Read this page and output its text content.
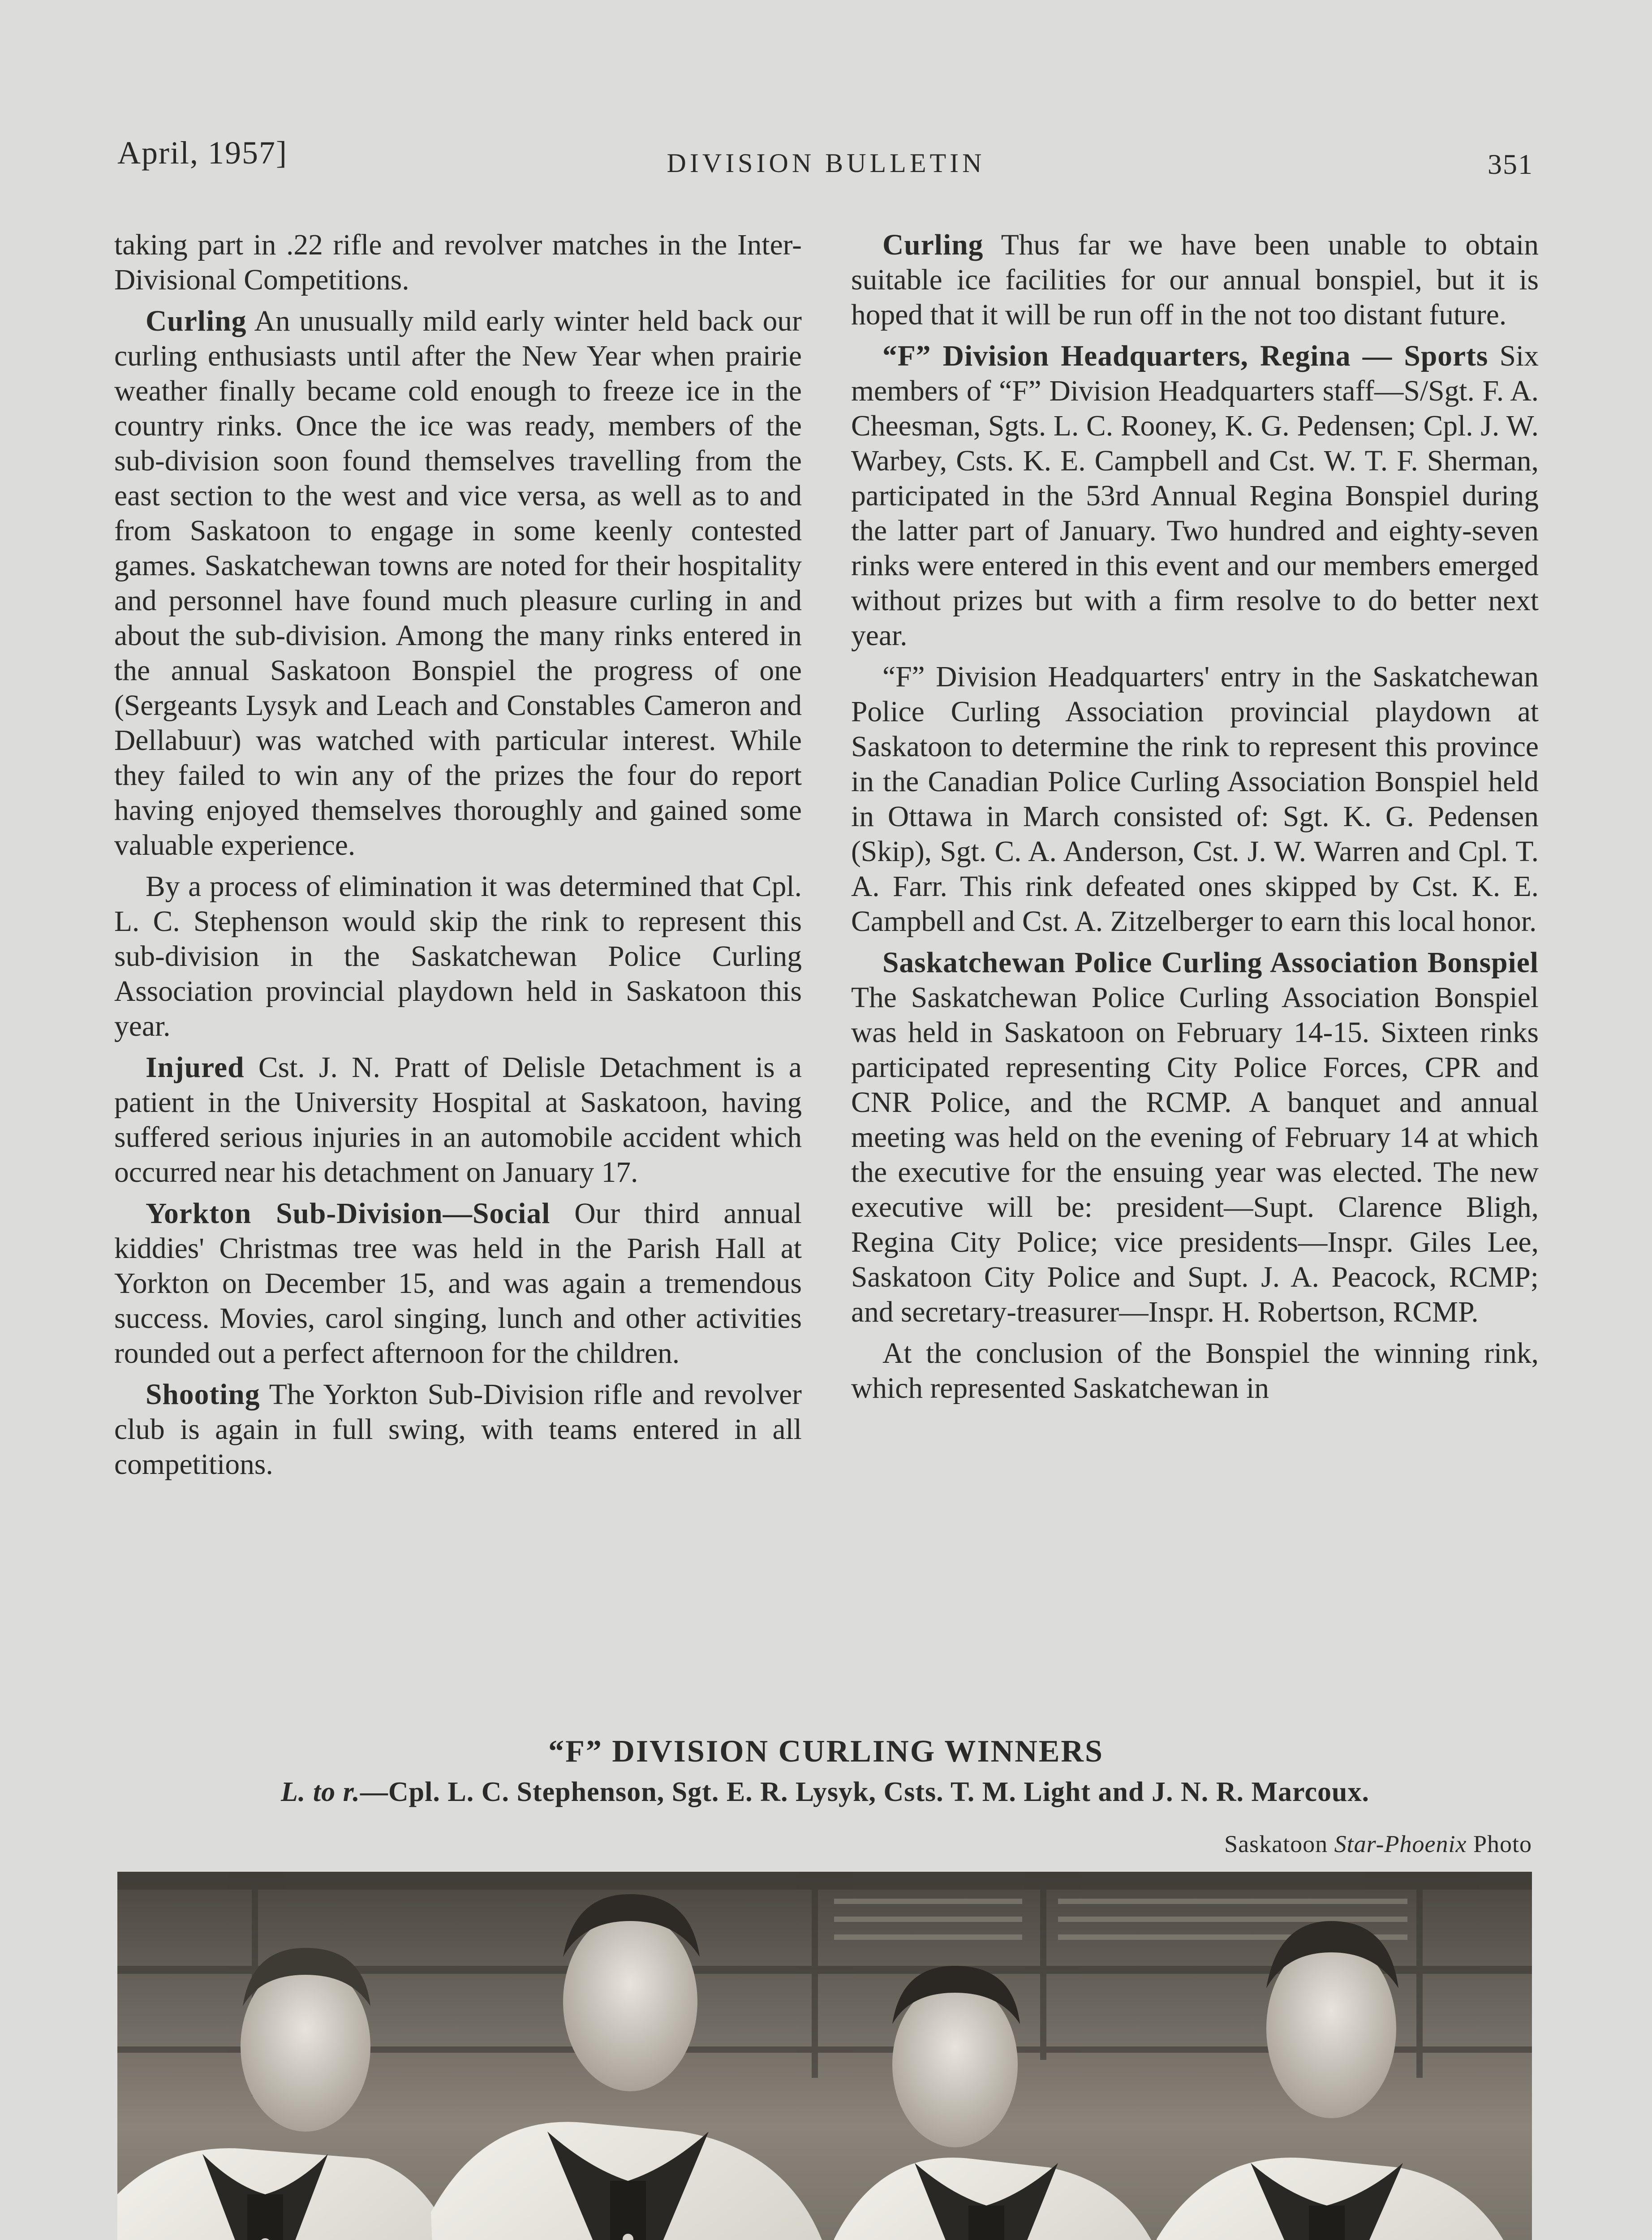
April, 1957]	DIVISION BULLETIN	351

taking part in .22 rifle and revolver matches in the Inter-Divisional Competitions.

Curling An unusually mild early winter held back our curling enthusiasts until after the New Year when prairie weather finally became cold enough to freeze ice in the country rinks. Once the ice was ready, members of the sub-division soon found themselves travelling from the east section to the west and vice versa, as well as to and from Saskatoon to engage in some keenly contested games. Saskatchewan towns are noted for their hospitality and personnel have found much pleasure curling in and about the sub-division. Among the many rinks entered in the annual Saskatoon Bonspiel the progress of one (Sergeants Lysyk and Leach and Constables Cameron and Dellabuur) was watched with particular interest. While they failed to win any of the prizes the four do report having enjoyed themselves thoroughly and gained some valuable experience.

By a process of elimination it was determined that Cpl. L. C. Stephenson would skip the rink to represent this sub-division in the Saskatchewan Police Curling Association provincial playdown held in Saskatoon this year.

Injured Cst. J. N. Pratt of Delisle Detachment is a patient in the University Hospital at Saskatoon, having suffered serious injuries in an automobile accident which occurred near his detachment on January 17.

Yorkton Sub-Division—Social Our third annual kiddies' Christmas tree was held in the Parish Hall at Yorkton on December 15, and was again a tremendous success. Movies, carol singing, lunch and other activities rounded out a perfect afternoon for the children.

Shooting The Yorkton Sub-Division rifle and revolver club is again in full swing, with teams entered in all competitions.

Curling Thus far we have been unable to obtain suitable ice facilities for our annual bonspiel, but it is hoped that it will be run off in the not too distant future.

“F” Division Headquarters, Regina — Sports Six members of “F” Division Headquarters staff—S/Sgt. F. A. Cheesman, Sgts. L. C. Rooney, K. G. Pedensen; Cpl. J. W. Warbey, Csts. K. E. Campbell and Cst. W. T. F. Sherman, participated in the 53rd Annual Regina Bonspiel during the latter part of January. Two hundred and eighty-seven rinks were entered in this event and our members emerged without prizes but with a firm resolve to do better next year.

“F” Division Headquarters' entry in the Saskatchewan Police Curling Association provincial playdown at Saskatoon to determine the rink to represent this province in the Canadian Police Curling Association Bonspiel held in Ottawa in March consisted of: Sgt. K. G. Pedensen (Skip), Sgt. C. A. Anderson, Cst. J. W. Warren and Cpl. T. A. Farr. This rink defeated ones skipped by Cst. K. E. Campbell and Cst. A. Zitzelberger to earn this local honor.

Saskatchewan Police Curling Association Bonspiel The Saskatchewan Police Curling Association Bonspiel was held in Saskatoon on February 14-15. Sixteen rinks participated representing City Police Forces, CPR and CNR Police, and the RCMP. A banquet and annual meeting was held on the evening of February 14 at which the executive for the ensuing year was elected. The new executive will be: president—Supt. Clarence Bligh, Regina City Police; vice presidents—Inspr. Giles Lee, Saskatoon City Police and Supt. J. A. Peacock, RCMP; and secretary-treasurer—Inspr. H. Robertson, RCMP.

At the conclusion of the Bonspiel the winning rink, which represented Saskatchewan in

“F” DIVISION CURLING WINNERS
L. to r.—Cpl. L. C. Stephenson, Sgt. E. R. Lysyk, Csts. T. M. Light and J. N. R. Marcoux.
Saskatoon Star-Phoenix Photo
